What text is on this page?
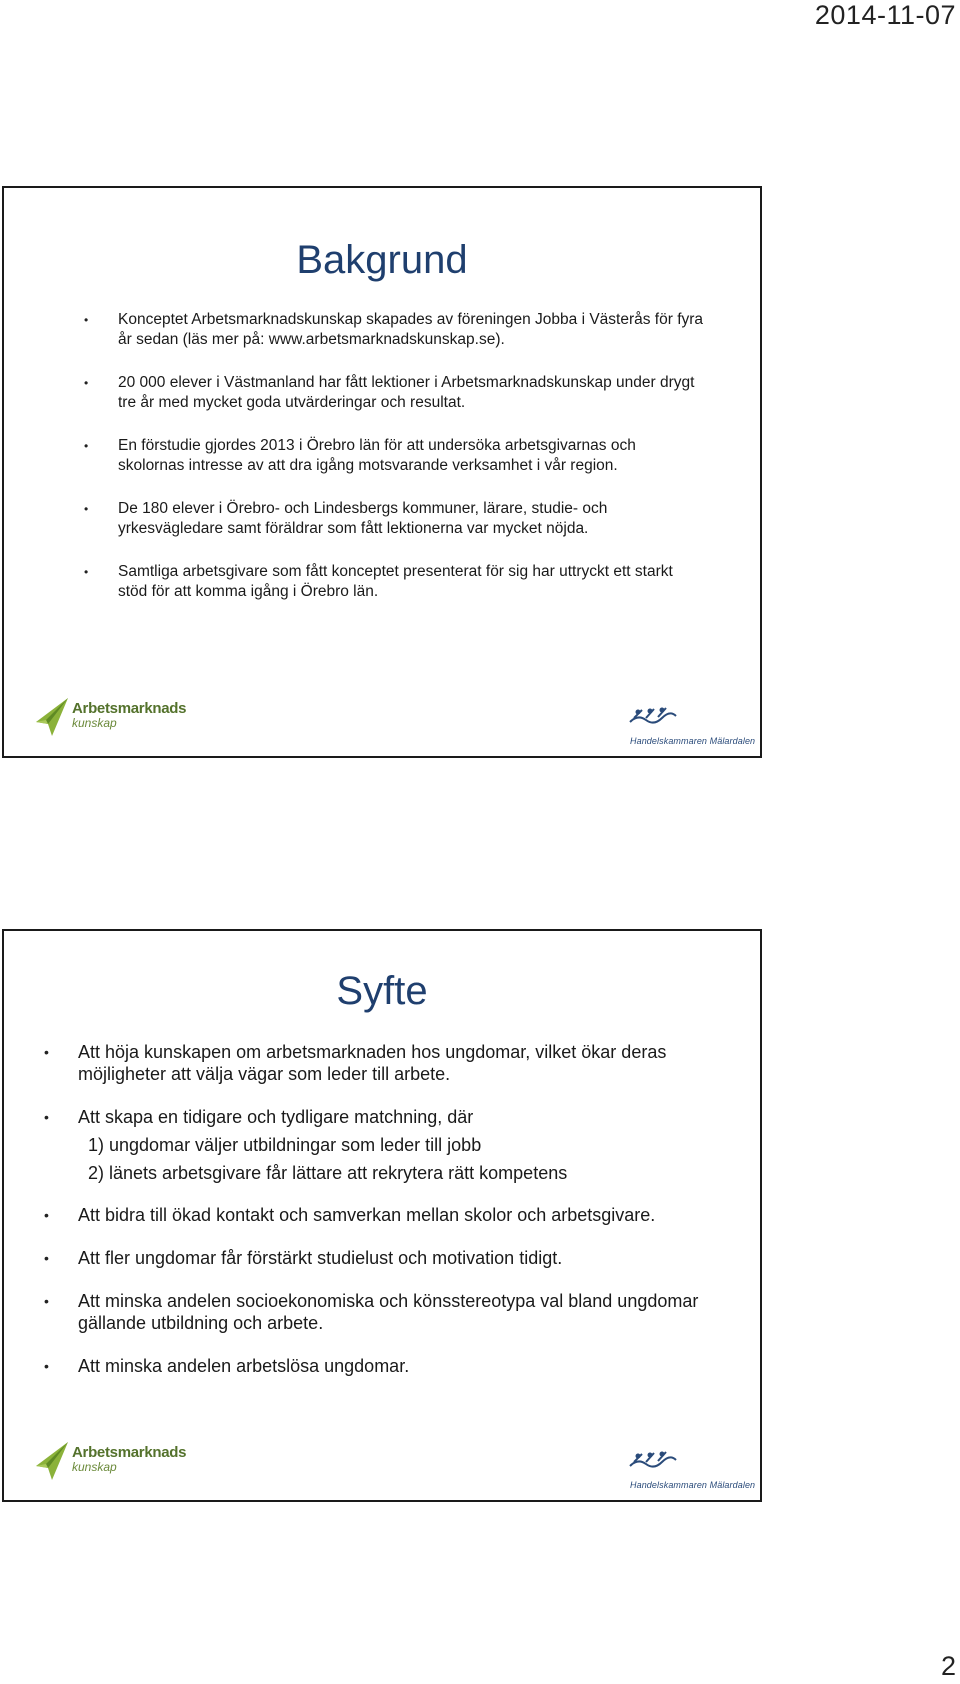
2014-11-07
Bakgrund
• Konceptet Arbetsmarknadskunskap skapades av föreningen Jobba i Västerås för fyra år sedan (läs mer på: www.arbetsmarknadskunskap.se).
• 20 000 elever i Västmanland har fått lektioner i Arbetsmarknadskunskap under drygt tre år med mycket goda utvärderingar och resultat.
• En förstudie gjordes 2013 i Örebro län för att undersöka arbetsgivarnas och skolornas intresse av att dra igång motsvarande verksamhet i vår region.
• De 180 elever i Örebro- och Lindesbergs kommuner, lärare, studie- och yrkesvägledare samt föräldrar som fått lektionerna var mycket nöjda.
• Samtliga arbetsgivare som fått konceptet presenterat för sig har uttryckt ett starkt stöd för att komma igång i Örebro län.
Arbetsmarknads
kunskap
Handelskammaren Mälardalen
Syfte
• Att höja kunskapen om arbetsmarknaden hos ungdomar, vilket ökar deras möjligheter att välja vägar som leder till arbete.
• Att skapa en tidigare och tydligare matchning, där
1) ungdomar väljer utbildningar som leder till jobb
2) länets arbetsgivare får lättare att rekrytera rätt kompetens
• Att bidra till ökad kontakt och samverkan mellan skolor och arbetsgivare.
• Att fler ungdomar får förstärkt studielust och motivation tidigt.
• Att minska andelen socioekonomiska och könsstereotypa val bland ungdomar gällande utbildning och arbete.
• Att minska andelen arbetslösa ungdomar.
Arbetsmarknads
kunskap
Handelskammaren Mälardalen
2
